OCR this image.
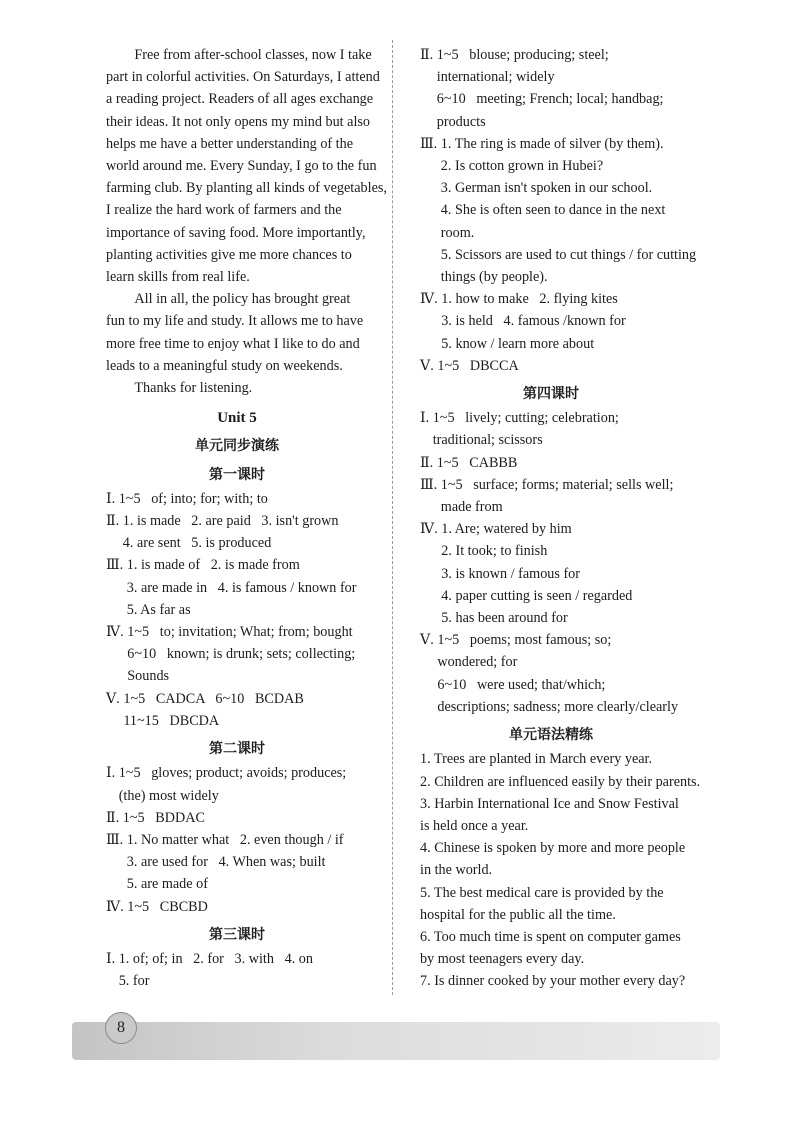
Free from after-school classes, now I take
part in colorful activities. On Saturdays, I attend
a reading project. Readers of all ages exchange
their ideas. It not only opens my mind but also
helps me have a better understanding of the
world around me. Every Sunday, I go to the fun
farming club. By planting all kinds of vegetables,
I realize the hard work of farmers and the
importance of saving food. More importantly,
planting activities give me more chances to
learn skills from real life.
All in all, the policy has brought great
fun to my life and study. It allows me to have
more free time to enjoy what I like to do and
leads to a meaningful study on weekends.
Thanks for listening.
Unit 5
单元同步演练
第一课时
Ⅰ. 1~5   of; into; for; with; to
Ⅱ. 1. is made   2. are paid   3. isn't grown
4. are sent   5. is produced
Ⅲ. 1. is made of   2. is made from
3. are made in   4. is famous / known for
5. As far as
Ⅳ. 1~5   to; invitation; What; from; bought
6~10   known; is drunk; sets; collecting;
Sounds
Ⅴ. 1~5   CADCA   6~10   BCDAB
11~15   DBCDA
第二课时
Ⅰ. 1~5   gloves; product; avoids; produces;
(the) most widely
Ⅱ. 1~5   BDDAC
Ⅲ. 1. No matter what   2. even though / if
3. are used for   4. When was; built
5. are made of
Ⅳ. 1~5   CBCBD
第三课时
Ⅰ. 1. of; of; in   2. for   3. with   4. on
5. for
Ⅱ. 1~5   blouse; producing; steel;
international; widely
6~10   meeting; French; local; handbag;
products
Ⅲ. 1. The ring is made of silver (by them).
2. Is cotton grown in Hubei?
3. German isn't spoken in our school.
4. She is often seen to dance in the next
room.
5. Scissors are used to cut things / for cutting
things (by people).
Ⅳ. 1. how to make   2. flying kites
3. is held   4. famous /known for
5. know / learn more about
Ⅴ. 1~5   DBCCA
第四课时
Ⅰ. 1~5   lively; cutting; celebration;
traditional; scissors
Ⅱ. 1~5   CABBB
Ⅲ. 1~5   surface; forms; material; sells well;
made from
Ⅳ. 1. Are; watered by him
2. It took; to finish
3. is known / famous for
4. paper cutting is seen / regarded
5. has been around for
Ⅴ. 1~5   poems; most famous; so;
wondered; for
6~10   were used; that/which;
descriptions; sadness; more clearly/clearly
单元语法精练
1. Trees are planted in March every year.
2. Children are influenced easily by their parents.
3. Harbin International Ice and Snow Festival
is held once a year.
4. Chinese is spoken by more and more people
in the world.
5. The best medical care is provided by the
hospital for the public all the time.
6. Too much time is spent on computer games
by most teenagers every day.
7. Is dinner cooked by your mother every day?
8
